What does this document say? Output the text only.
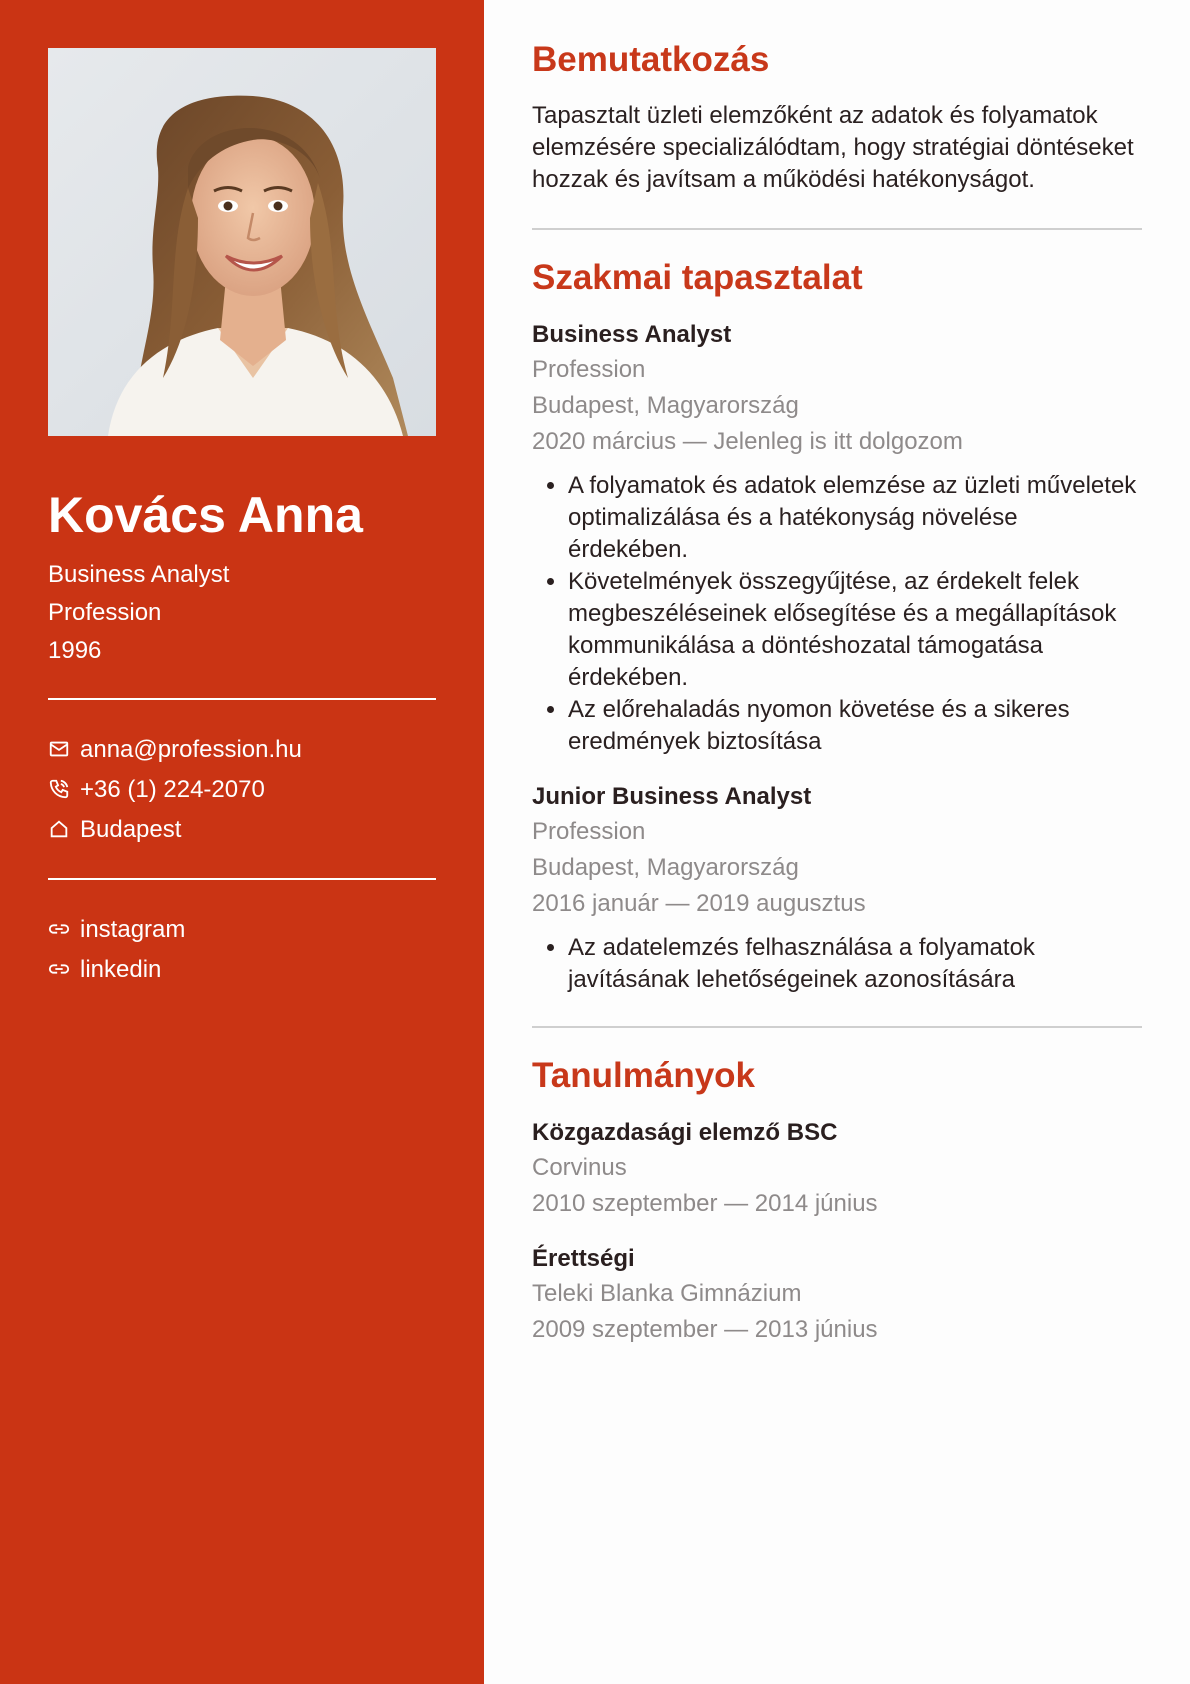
Kovács Anna

Business Analyst

Profession

1996

anna@profession.hu
+36 (1) 224-2070
Budapest
instagram
linkedin
Bemutatkozás

Tapasztalt üzleti elemzőként az adatok és folyamatok elemzésére specializálódtam, hogy stratégiai döntéseket hozzak és javítsam a működési hatékonyságot.

Szakmai tapasztalat

Business Analyst

Profession

Budapest, Magyarország

2020 március — Jelenleg is itt dolgozom

• A folyamatok és adatok elemzése az üzleti műveletek optimalizálása és a hatékonyság növelése érdekében.
• Követelmények összegyűjtése, az érdekelt felek megbeszéléseinek elősegítése és a megállapítások kommunikálása a döntéshozatal támogatása érdekében.
• Az előrehaladás nyomon követése és a sikeres eredmények biztosítása

Junior Business Analyst

Profession

Budapest, Magyarország

2016 január — 2019 augusztus

• Az adatelemzés felhasználása a folyamatok javításának lehetőségeinek azonosítására
Tanulmányok

Közgazdasági elemző BSC

Corvinus

2010 szeptember — 2014 június

Érettségi

Teleki Blanka Gimnázium

2009 szeptember — 2013 június
